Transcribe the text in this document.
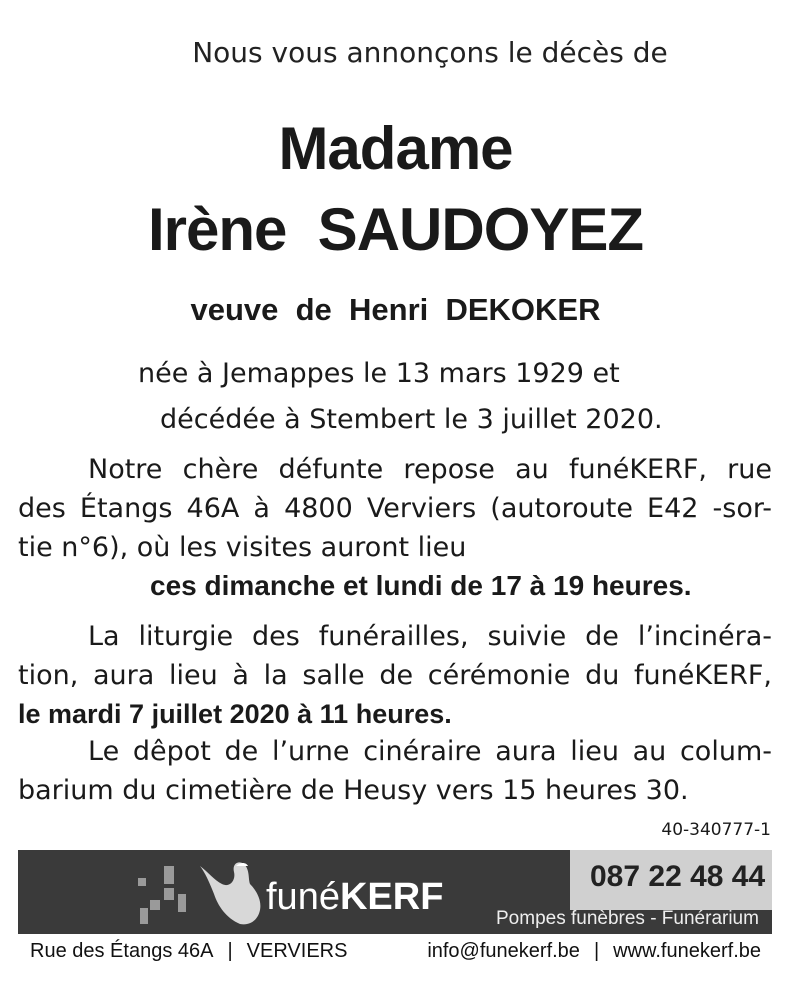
Nous vous annonçons le décès de
Madame
Irène  SAUDOYEZ
veuve  de  Henri  DEKOKER
née à Jemappes le 13 mars 1929 et
décédée à Stembert le 3 juillet 2020.
Notre chère défunte repose au funéKERF, rue
des Étangs 46A à 4800 Verviers (autoroute E42 -sor-
tie n°6), où les visites auront lieu
ces dimanche et lundi de 17 à 19 heures.
La liturgie des funérailles, suivie de l’incinéra-
tion, aura lieu à la salle de cérémonie du funéKERF,
le mardi 7 juillet 2020 à 11 heures.
Le dêpot de l’urne cinéraire aura lieu au colum-
barium du cimetière de Heusy vers 15 heures 30.
40-340777-1
funéKERF	087 22 48 44
Pompes funèbres - Funérarium
Rue des Étangs 46A | VERVIERS	info@funekerf.be | www.funekerf.be
